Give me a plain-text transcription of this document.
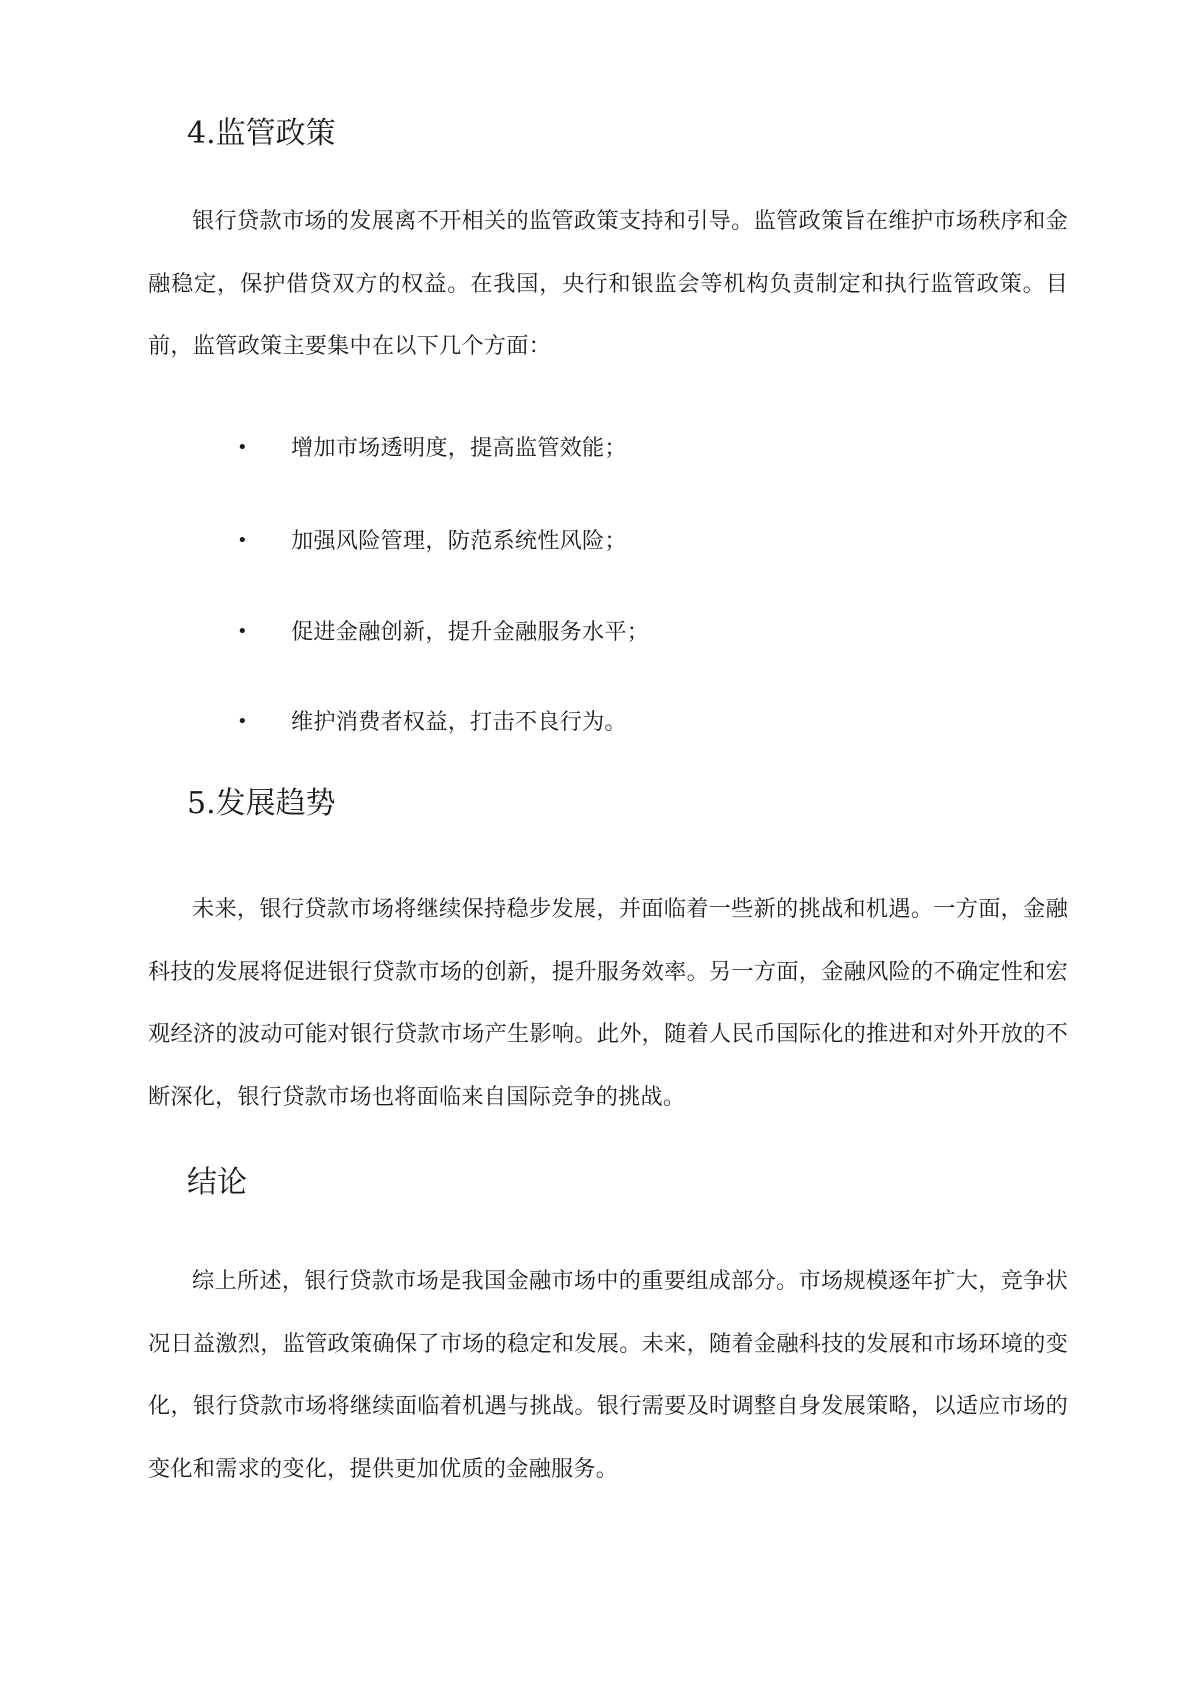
4.监管政策

银行贷款市场的发展离不开相关的监管政策支持和引导。监管政策旨在维护市场秩序和金融稳定，保护借贷双方的权益。在我国，央行和银监会等机构负责制定和执行监管政策。目前，监管政策主要集中在以下几个方面：

• 增加市场透明度，提高监管效能；
• 加强风险管理，防范系统性风险；
• 促进金融创新，提升金融服务水平；
• 维护消费者权益，打击不良行为。
5.发展趋势

未来，银行贷款市场将继续保持稳步发展，并面临着一些新的挑战和机遇。一方面，金融科技的发展将促进银行贷款市场的创新，提升服务效率。另一方面，金融风险的不确定性和宏观经济的波动可能对银行贷款市场产生影响。此外，随着人民币国际化的推进和对外开放的不断深化，银行贷款市场也将面临来自国际竞争的挑战。

结论

综上所述，银行贷款市场是我国金融市场中的重要组成部分。市场规模逐年扩大，竞争状况日益激烈，监管政策确保了市场的稳定和发展。未来，随着金融科技的发展和市场环境的变化，银行贷款市场将继续面临着机遇与挑战。银行需要及时调整自身发展策略，以适应市场的变化和需求的变化，提供更加优质的金融服务。
